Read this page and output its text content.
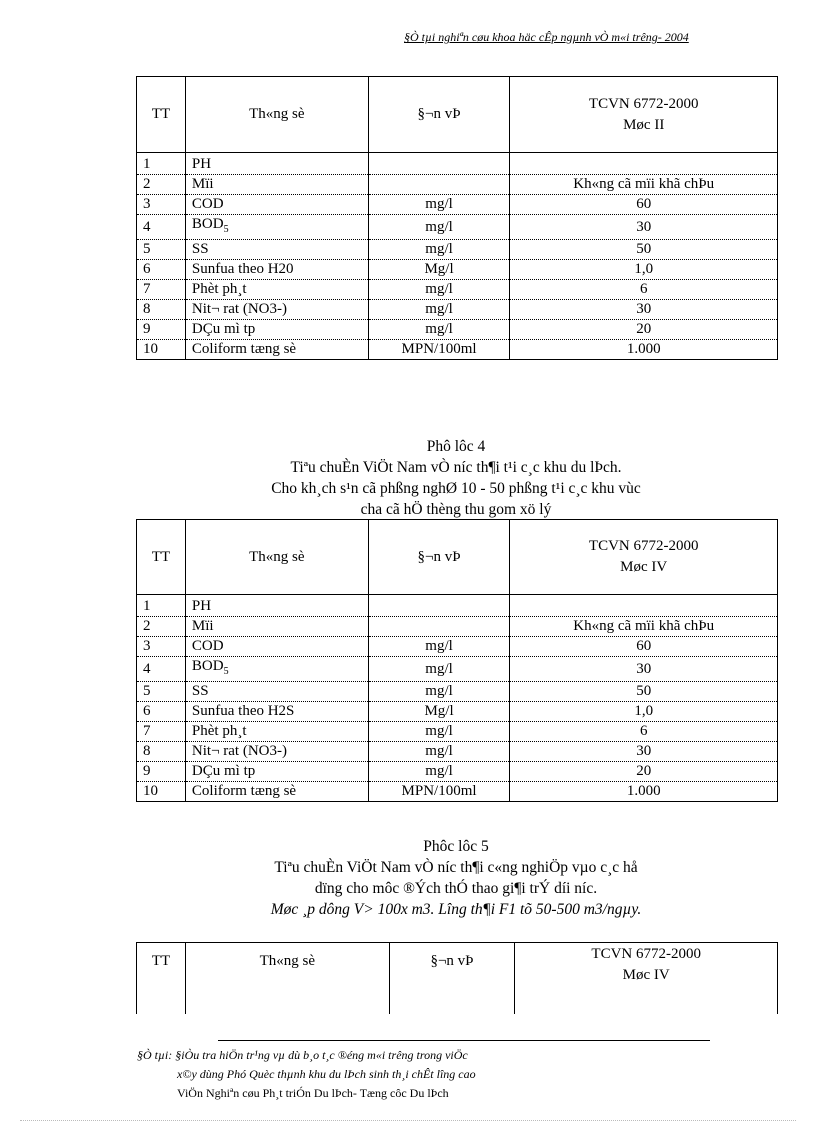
§Ò tµi nghiªn cøu khoa häc cÊp ngµnh vÒ m«i trêng- 2004
TT	Th«ng sè	§¬n vÞ	TCVN 6772-2000
Møc II

1	PH		
2	Mïi		Kh«ng cã mïi khã chÞu
3	COD	mg/l	60
4	$BOD_5$	mg/l	30
5	SS	mg/l	50
6	Sunfua theo H20	Mg/l	1,0
7	Phèt ph¸t	mg/l	6
8	Nit¬ rat (NO3-)	mg/l	30
9	DÇu mì tp	mg/l	20
10	Coliform tæng sè	MPN/100ml	1.000
Phô lôc 4
Tiªu chuÈn ViÖt Nam vÒ níc th¶i t¹i c¸c khu du lÞch.
Cho kh¸ch s¹n cã phßng nghØ 10 - 50 phßng t¹i c¸c khu vùc
cha cã hÖ thèng thu gom xö lý
TT	Th«ng sè	§¬n vÞ	TCVN 6772-2000
Møc IV

1	PH		
2	Mïi		Kh«ng cã mïi khã chÞu
3	COD	mg/l	60
4	$BOD_5$	mg/l	30
5	SS	mg/l	50
6	Sunfua theo H2S	Mg/l	1,0
7	Phèt ph¸t	mg/l	6
8	Nit¬ rat (NO3-)	mg/l	30
9	DÇu mì tp	mg/l	20
10	Coliform tæng sè	MPN/100ml	1.000
Phôc lôc 5
Tiªu chuÈn ViÖt Nam vÒ níc th¶i c«ng nghiÖp vµo c¸c hå
dïng cho môc ®Ých thÓ thao gi¶i trÝ díi níc.
Møc ¸p dông V> 100x m3. Lîng th¶i F1 tõ 50-500 m3/ngµy.
TT	Th«ng sè	§¬n vÞ	TCVN 6772-2000
Møc IV
§Ò tµi: §iÒu tra hiÖn tr¹ng vµ dù b¸o t¸c ®éng m«i trêng trong viÖc
x©y dùng Phó Quèc thµnh khu du lÞch sinh th¸i chÊt lîng cao
ViÖn Nghiªn cøu Ph¸t triÓn Du lÞch- Tæng côc Du lÞch
